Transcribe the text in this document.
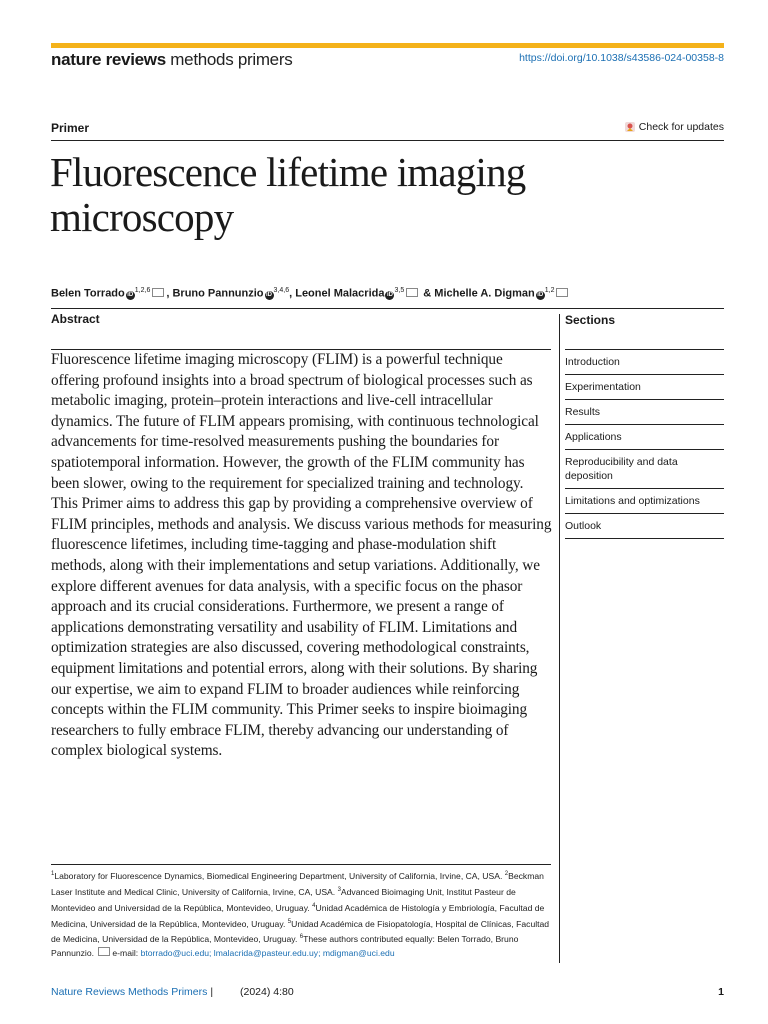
nature reviews methods primers	https://doi.org/10.1038/s43586-024-00358-8
Primer	Check for updates
Fluorescence lifetime imaging microscopy
Belen Torrado iD$^{1,2,6}$ , Bruno Pannunzio iD$^{3,4,6}$, Leonel Malacrida iD$^{3,5}$ & Michelle A. Digman iD$^{1,2}$
Abstract

Fluorescence lifetime imaging microscopy (FLIM) is a powerful technique offering profound insights into a broad spectrum of biological processes such as metabolic imaging, protein–protein interactions and live-cell intracellular dynamics. The future of FLIM appears promising, with continuous technological advancements for time-resolved measurements pushing the boundaries for spatiotemporal information. However, the growth of the FLIM community has been slower, owing to the requirement for specialized training and technology. This Primer aims to address this gap by providing a comprehensive overview of FLIM principles, methods and analysis. We discuss various methods for measuring fluorescence lifetimes, including time-tagging and phase-modulation shift methods, along with their implementations and setup variations. Additionally, we explore different avenues for data analysis, with a specific focus on the phasor approach and its crucial considerations. Furthermore, we present a range of applications demonstrating versatility and usability of FLIM. Limitations and optimization strategies are also discussed, covering methodological constraints, equipment limitations and potential errors, along with their solutions. By sharing our expertise, we aim to expand FLIM to broader audiences while reinforcing concepts within the FLIM community. This Primer seeks to inspire bioimaging researchers to fully embrace FLIM, thereby advancing our understanding of complex biological systems.

Sections
Introduction
Experimentation
Results
Applications
Reproducibility and data deposition
Limitations and optimizations
Outlook

$^1$Laboratory for Fluorescence Dynamics, Biomedical Engineering Department, University of California, Irvine, CA, USA. $^2$Beckman Laser Institute and Medical Clinic, University of California, Irvine, CA, USA. $^3$Advanced Bioimaging Unit, Institut Pasteur de Montevideo and Universidad de la República, Montevideo, Uruguay. $^4$Unidad Académica de Histología y Embriología, Facultad de Medicina, Universidad de la República, Montevideo, Uruguay. $^5$Unidad Académica de Fisiopatología, Hospital de Clínicas, Facultad de Medicina, Universidad de la República, Montevideo, Uruguay. $^6$These authors contributed equally: Belen Torrado, Bruno Pannunzio. e-mail: btorrado@uci.edu; lmalacrida@pasteur.edu.uy; mdigman@uci.edu

Nature Reviews Methods Primers |	(2024) 4:80	1
